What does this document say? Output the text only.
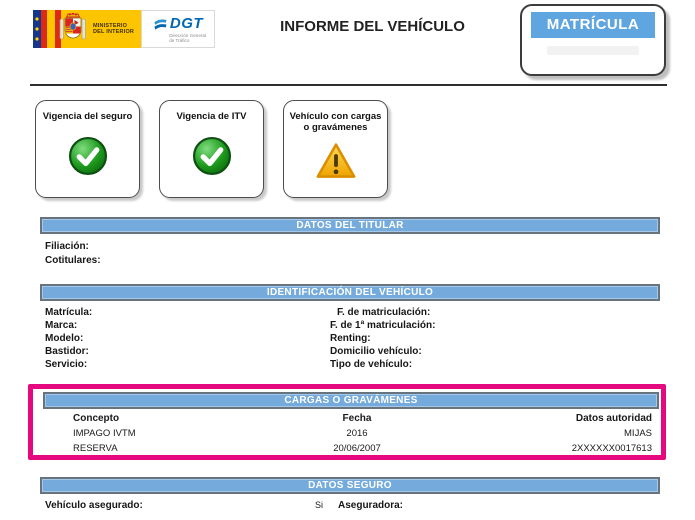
MINISTERIO
DEL INTERIOR
DGT
Dirección General
de Tráfico
INFORME DEL VEHÍCULO	MATRÍCULA
Vigencia del seguro	Vigencia de ITV	Vehículo con cargas o gravámenes
DATOS DEL TITULAR
Filiación:
Cotitulares:
IDENTIFICACIÓN DEL VEHÍCULO
Matrícula:
Marca:
Modelo:
Bastidor:
Servicio:
F. de matriculación:
F. de 1ª matriculación:
Renting:
Domicilio vehículo:
Tipo de vehículo:
CARGAS O GRAVÁMENES
Concepto	Fecha	Datos autoridad
IMPAGO IVTM	2016	MIJAS
RESERVA	20/06/2007	2XXXXXX0017613
DATOS SEGURO
Vehículo asegurado:	Si Aseguradora:
